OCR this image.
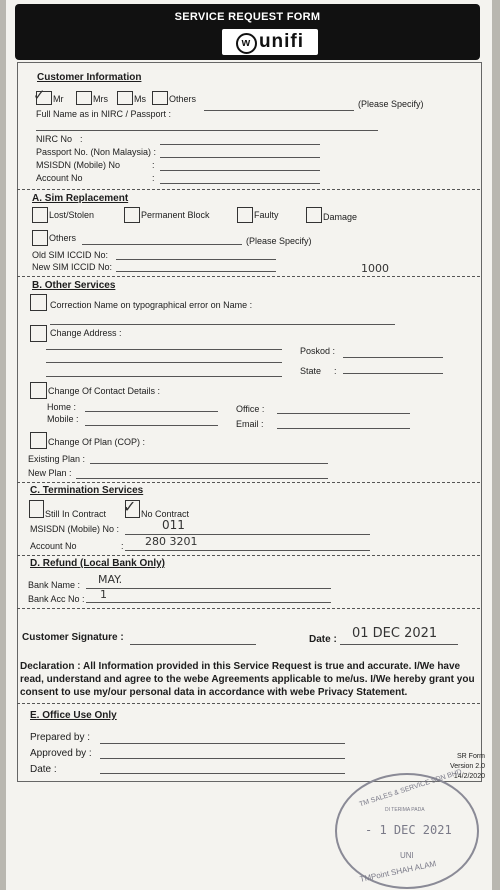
SERVICE REQUEST FORM
w unifi
Customer Information
✓ Mr	Mrs	Ms	Others	(Please Specify)
Full Name as in NIRC / Passport :
NIRC No :
Passport No. (Non Malaysia) :
MSISDN (Mobile) No	:
Account No	:
A. Sim Replacement
Lost/Stolen	Permanent Block	Faulty	Damage
Others	(Please Specify)
Old SIM ICCID No:
New SIM ICCID No:	1000
B. Other Services
Correction Name on typographical error on Name :
Change Address :
Poskod :
State :
Change Of Contact Details :
Home :	Office :
Mobile :	Email :
Change Of Plan (COP) :
Existing Plan :
New Plan :
C. Termination Services
Still In Contract ✓ No Contract
MSISDN (Mobile) No :	011
Account No	: 280 3201
D. Refund (Local Bank Only)
Bank Name : MAY.
Bank Acc No : 1
Customer Signature :	Date : 01 DEC 2021
Declaration : All Information provided in this Service Request is true and accurate. I/We have read, understand and agree to the webe Agreements applicable to me/us. I/We hereby grant you consent to use my/our personal data in accordance with webe Privacy Statement.
E. Office Use Only
Prepared by :
Approved by :
Date :
SR Form
Version 2.0
14/2/2020
TM SALES & SERVICE SDN BHD
DI TERIMA PADA
- 1 DEC 2021
UNI
TMPoint SHAH ALAM
